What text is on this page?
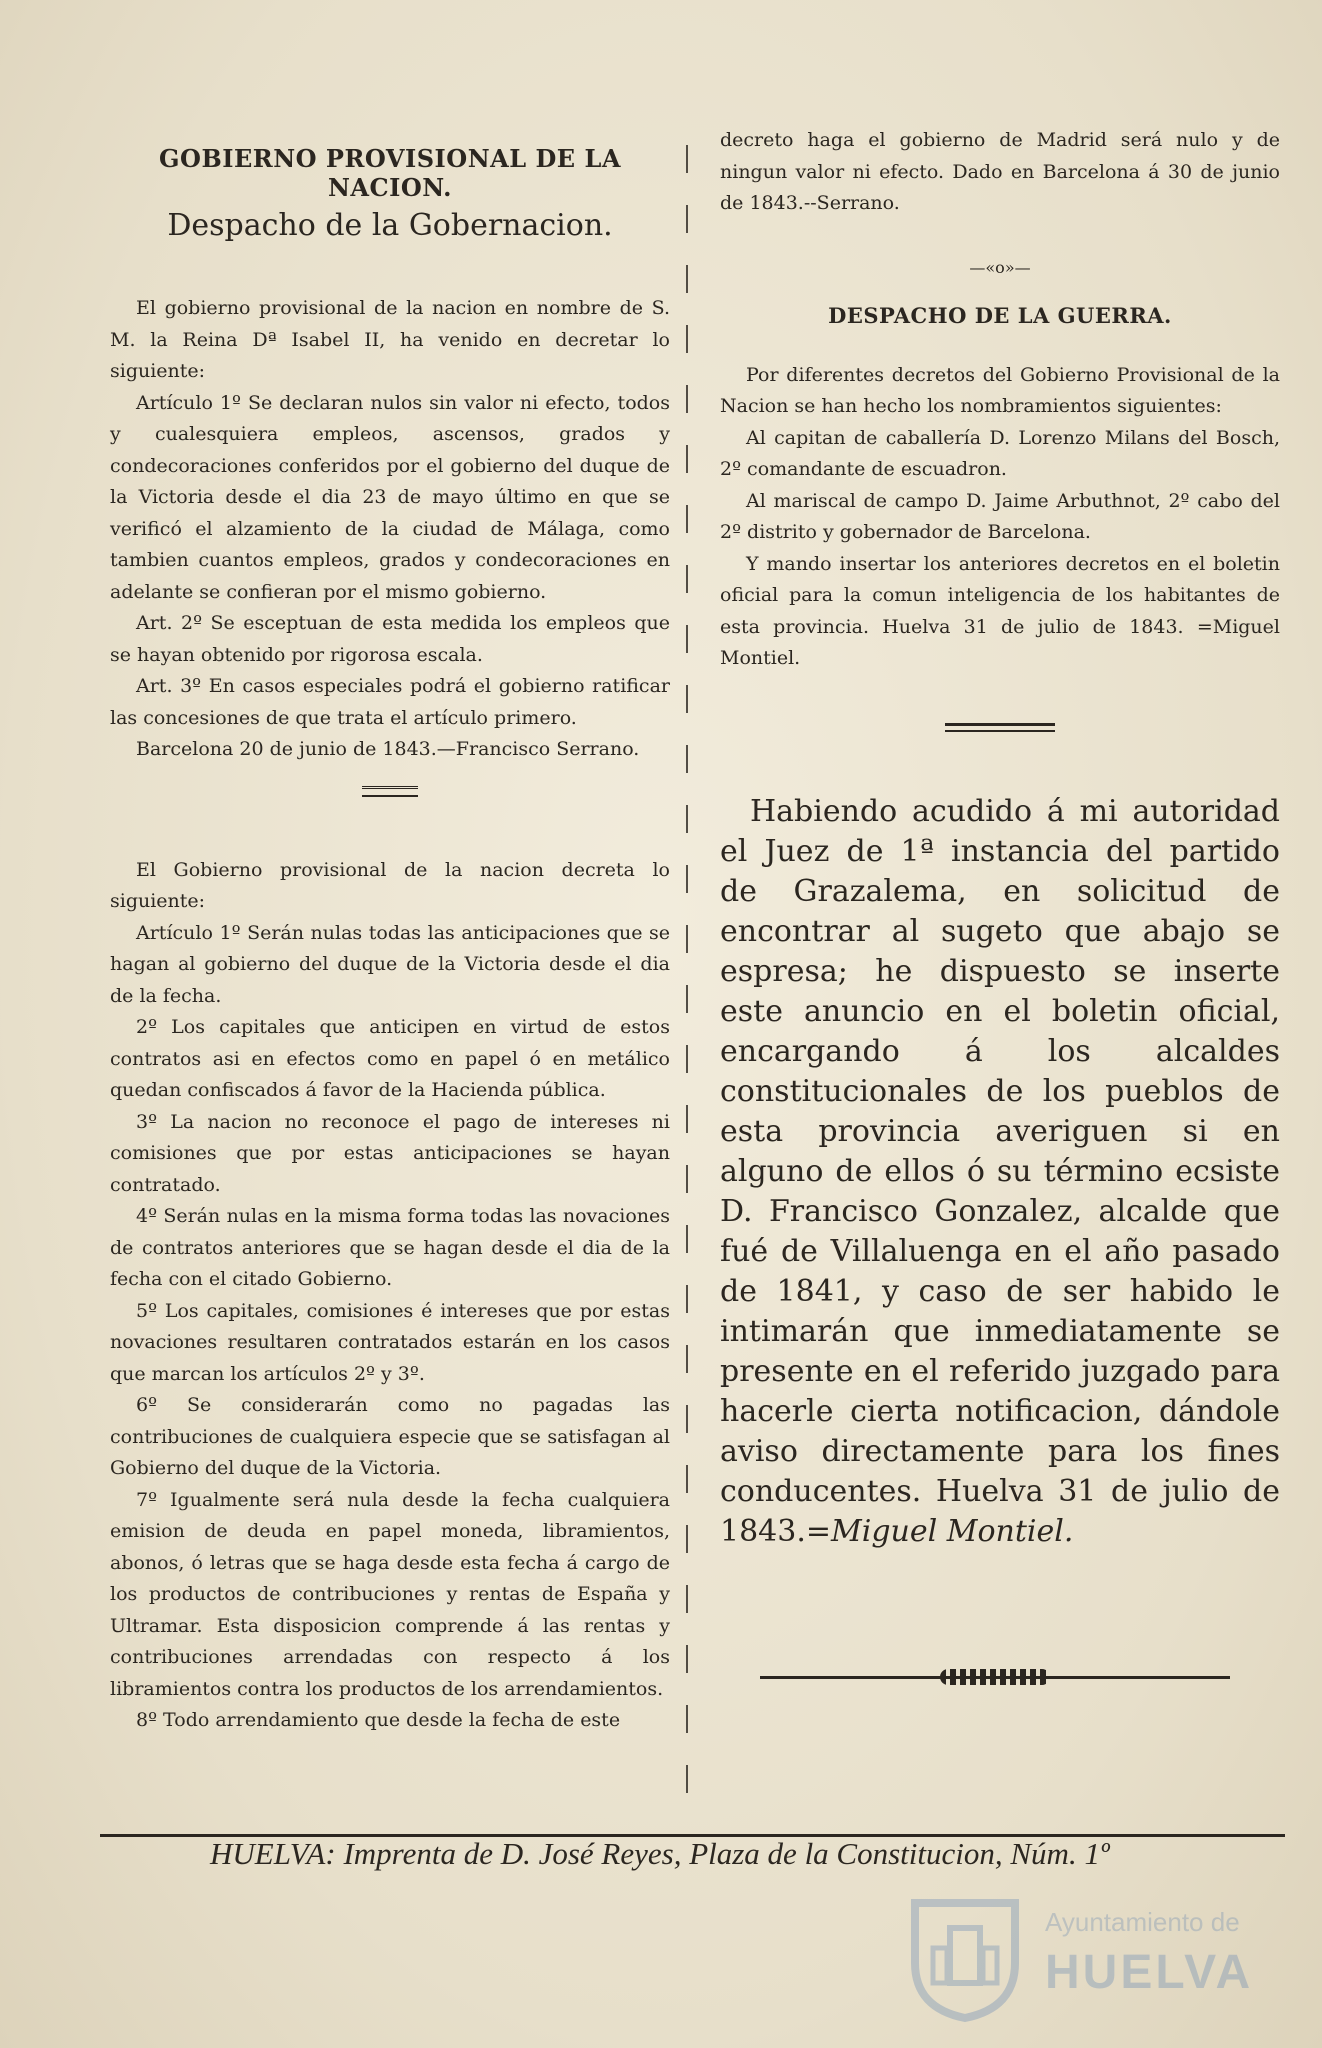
GOBIERNO PROVISIONAL DE LA NACION.
Despacho de la Gobernacion.

El gobierno provisional de la nacion en nombre de S. M. la Reina Dª Isabel II, ha venido en decretar lo siguiente:

Artículo 1º Se declaran nulos sin valor ni efecto, todos y cualesquiera empleos, ascensos, grados y condecoraciones conferidos por el gobierno del duque de la Victoria desde el dia 23 de mayo último en que se verificó el alzamiento de la ciudad de Málaga, como tambien cuantos empleos, grados y condecoraciones en adelante se confieran por el mismo gobierno.

Art. 2º Se esceptuan de esta medida los empleos que se hayan obtenido por rigorosa escala.

Art. 3º En casos especiales podrá el gobierno ratificar las concesiones de que trata el artículo primero.

Barcelona 20 de junio de 1843.—Francisco Serrano.

El Gobierno provisional de la nacion decreta lo siguiente:

Artículo 1º Serán nulas todas las anticipaciones que se hagan al gobierno del duque de la Victoria desde el dia de la fecha.

2º Los capitales que anticipen en virtud de estos contratos asi en efectos como en papel ó en metálico quedan confiscados á favor de la Hacienda pública.

3º La nacion no reconoce el pago de intereses ni comisiones que por estas anticipaciones se hayan contratado.

4º Serán nulas en la misma forma todas las novaciones de contratos anteriores que se hagan desde el dia de la fecha con el citado Gobierno.

5º Los capitales, comisiones é intereses que por estas novaciones resultaren contratados estarán en los casos que marcan los artículos 2º y 3º.

6º Se considerarán como no pagadas las contribuciones de cualquiera especie que se satisfagan al Gobierno del duque de la Victoria.

7º Igualmente será nula desde la fecha cualquiera emision de deuda en papel moneda, libramientos, abonos, ó letras que se haga desde esta fecha á cargo de los productos de contribuciones y rentas de España y Ultramar. Esta disposicion comprende á las rentas y contribuciones arrendadas con respecto á los libramientos contra los productos de los arrendamientos.

8º Todo arrendamiento que desde la fecha de este

decreto haga el gobierno de Madrid será nulo y de ningun valor ni efecto. Dado en Barcelona á 30 de junio de 1843.--Serrano.

—«o»—
DESPACHO DE LA GUERRA.

Por diferentes decretos del Gobierno Provisional de la Nacion se han hecho los nombramientos siguientes:

Al capitan de caballería D. Lorenzo Milans del Bosch, 2º comandante de escuadron.

Al mariscal de campo D. Jaime Arbuthnot, 2º cabo del 2º distrito y gobernador de Barcelona.

Y mando insertar los anteriores decretos en el boletin oficial para la comun inteligencia de los habitantes de esta provincia. Huelva 31 de julio de 1843. =Miguel Montiel.

Habiendo acudido á mi autoridad el Juez de 1ª instancia del partido de Grazalema, en solicitud de encontrar al sugeto que abajo se espresa; he dispuesto se inserte este anuncio en el boletin oficial, encargando á los alcaldes constitucionales de los pueblos de esta provincia averiguen si en alguno de ellos ó su término ecsiste D. Francisco Gonzalez, alcalde que fué de Villaluenga en el año pasado de 1841, y caso de ser habido le intimarán que inmediatamente se presente en el referido juzgado para hacerle cierta notificacion, dándole aviso directamente para los fines conducentes. Huelva 31 de julio de 1843.=Miguel Montiel.

HUELVA: Imprenta de D. José Reyes, Plaza de la Constitucion, Núm. 1º
Ayuntamiento de
HUELVA
